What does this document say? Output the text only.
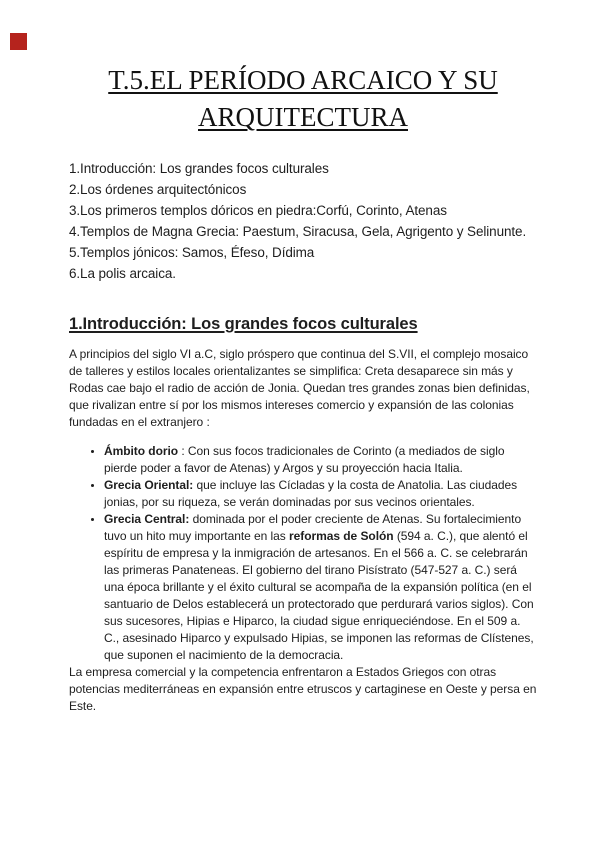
T.5.EL PERÍODO ARCAICO Y SU ARQUITECTURA
1.Introducción: Los grandes focos culturales
2.Los órdenes arquitectónicos
3.Los primeros templos dóricos en piedra:Corfú, Corinto, Atenas
4.Templos de Magna Grecia: Paestum, Siracusa, Gela, Agrigento y Selinunte.
5.Templos jónicos: Samos, Éfeso, Dídima
6.La polis arcaica.
1.Introducción: Los grandes focos culturales

A principios del siglo VI a.C, siglo próspero que continua del S.VII, el complejo mosaico de talleres y estilos locales orientalizantes se simplifica: Creta desaparece sin más y Rodas cae bajo el radio de acción de Jonia. Quedan tres grandes zonas bien definidas, que rivalizan entre sí por los mismos intereses comercio y expansión de las colonias fundadas en el extranjero :

• Ámbito dorio : Con sus focos tradicionales de Corinto (a mediados de siglo pierde poder a favor de Atenas) y Argos y su proyección hacia Italia.
• Grecia Oriental: que incluye las Cícladas y la costa de Anatolia. Las ciudades jonias, por su riqueza, se verán dominadas por sus vecinos orientales.
• Grecia Central: dominada por el poder creciente de Atenas. Su fortalecimiento tuvo un hito muy importante en las reformas de Solón (594 a. C.), que alentó el espíritu de empresa y la inmigración de artesanos. En el 566 a. C. se celebrarán las primeras Panateneas. El gobierno del tirano Pisístrato (547-527 a. C.) será una época brillante y el éxito cultural se acompaña de la expansión política (en el santuario de Delos establecerá un protectorado que perdurará varios siglos). Con sus sucesores, Hipias e Hiparco, la ciudad sigue enriqueciéndose. En el 509 a. C., asesinado Hiparco y expulsado Hipias, se imponen las reformas de Clístenes, que suponen el nacimiento de la democracia.

La empresa comercial y la competencia enfrentaron a Estados Griegos con otras potencias mediterráneas en expansión entre etruscos y cartaginese en Oeste y persa en Este.
